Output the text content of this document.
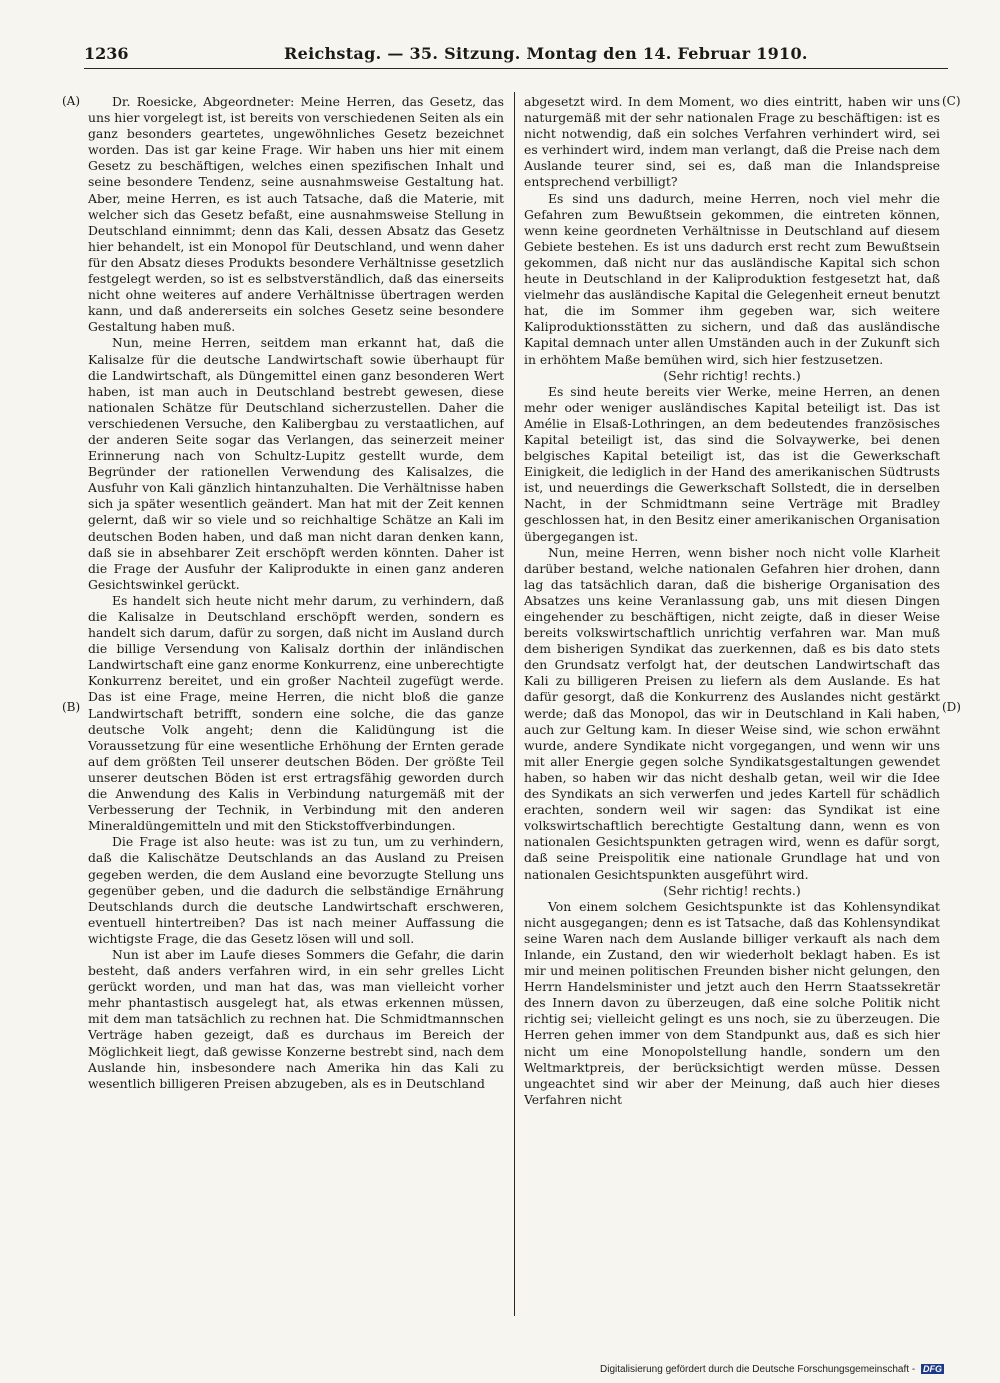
1236	Reichstag. — 35. Sitzung. Montag den 14. Februar 1910.
(A)
(B)
(C)
(D)

Dr. Roesicke, Abgeordneter: Meine Herren, das Gesetz, das uns hier vorgelegt ist, ist bereits von verschiedenen Seiten als ein ganz besonders geartetes, ungewöhnliches Gesetz bezeichnet worden. Das ist gar keine Frage. Wir haben uns hier mit einem Gesetz zu beschäftigen, welches einen spezifischen Inhalt und seine besondere Tendenz, seine ausnahmsweise Gestaltung hat. Aber, meine Herren, es ist auch Tatsache, daß die Materie, mit welcher sich das Gesetz befaßt, eine ausnahmsweise Stellung in Deutschland einnimmt; denn das Kali, dessen Absatz das Gesetz hier behandelt, ist ein Monopol für Deutschland, und wenn daher für den Absatz dieses Produkts besondere Verhältnisse gesetzlich festgelegt werden, so ist es selbstverständlich, daß das einerseits nicht ohne weiteres auf andere Verhältnisse übertragen werden kann, und daß andererseits ein solches Gesetz seine besondere Gestaltung haben muß.

Nun, meine Herren, seitdem man erkannt hat, daß die Kalisalze für die deutsche Landwirtschaft sowie überhaupt für die Landwirtschaft, als Düngemittel einen ganz besonderen Wert haben, ist man auch in Deutschland bestrebt gewesen, diese nationalen Schätze für Deutschland sicherzustellen. Daher die verschiedenen Versuche, den Kalibergbau zu verstaatlichen, auf der anderen Seite sogar das Verlangen, das seinerzeit meiner Erinnerung nach von Schultz-Lupitz gestellt wurde, dem Begründer der rationellen Verwendung des Kalisalzes, die Ausfuhr von Kali gänzlich hintanzuhalten. Die Verhältnisse haben sich ja später wesentlich geändert. Man hat mit der Zeit kennen gelernt, daß wir so viele und so reichhaltige Schätze an Kali im deutschen Boden haben, und daß man nicht daran denken kann, daß sie in absehbarer Zeit erschöpft werden könnten. Daher ist die Frage der Ausfuhr der Kaliprodukte in einen ganz anderen Gesichtswinkel gerückt.

Es handelt sich heute nicht mehr darum, zu verhindern, daß die Kalisalze in Deutschland erschöpft werden, sondern es handelt sich darum, dafür zu sorgen, daß nicht im Ausland durch die billige Versendung von Kalisalz dorthin der inländischen Landwirtschaft eine ganz enorme Konkurrenz, eine unberechtigte Konkurrenz bereitet, und ein großer Nachteil zugefügt werde. Das ist eine Frage, meine Herren, die nicht bloß die ganze Landwirtschaft betrifft, sondern eine solche, die das ganze deutsche Volk angeht; denn die Kalidüngung ist die Voraussetzung für eine wesentliche Erhöhung der Ernten gerade auf dem größten Teil unserer deutschen Böden. Der größte Teil unserer deutschen Böden ist erst ertragsfähig geworden durch die Anwendung des Kalis in Verbindung naturgemäß mit der Verbesserung der Technik, in Verbindung mit den anderen Mineraldüngemitteln und mit den Stickstoffverbindungen.

Die Frage ist also heute: was ist zu tun, um zu verhindern, daß die Kalischätze Deutschlands an das Ausland zu Preisen gegeben werden, die dem Ausland eine bevorzugte Stellung uns gegenüber geben, und die dadurch die selbständige Ernährung Deutschlands durch die deutsche Landwirtschaft erschweren, eventuell hintertreiben? Das ist nach meiner Auffassung die wichtigste Frage, die das Gesetz lösen will und soll.

Nun ist aber im Laufe dieses Sommers die Gefahr, die darin besteht, daß anders verfahren wird, in ein sehr grelles Licht gerückt worden, und man hat das, was man vielleicht vorher mehr phantastisch ausgelegt hat, als etwas erkennen müssen, mit dem man tatsächlich zu rechnen hat. Die Schmidtmannschen Verträge haben gezeigt, daß es durchaus im Bereich der Möglichkeit liegt, daß gewisse Konzerne bestrebt sind, nach dem Auslande hin, insbesondere nach Amerika hin das Kali zu wesentlich billigeren Preisen abzugeben, als es in Deutschland

abgesetzt wird. In dem Moment, wo dies eintritt, haben wir uns naturgemäß mit der sehr nationalen Frage zu beschäftigen: ist es nicht notwendig, daß ein solches Verfahren verhindert wird, sei es verhindert wird, indem man verlangt, daß die Preise nach dem Auslande teurer sind, sei es, daß man die Inlandspreise entsprechend verbilligt?

Es sind uns dadurch, meine Herren, noch viel mehr die Gefahren zum Bewußtsein gekommen, die eintreten können, wenn keine geordneten Verhältnisse in Deutschland auf diesem Gebiete bestehen. Es ist uns dadurch erst recht zum Bewußtsein gekommen, daß nicht nur das ausländische Kapital sich schon heute in Deutschland in der Kaliproduktion festgesetzt hat, daß vielmehr das ausländische Kapital die Gelegenheit erneut benutzt hat, die im Sommer ihm gegeben war, sich weitere Kaliproduktionsstätten zu sichern, und daß das ausländische Kapital demnach unter allen Umständen auch in der Zukunft sich in erhöhtem Maße bemühen wird, sich hier festzusetzen.

(Sehr richtig! rechts.)

Es sind heute bereits vier Werke, meine Herren, an denen mehr oder weniger ausländisches Kapital beteiligt ist. Das ist Amélie in Elsaß-Lothringen, an dem bedeutendes französisches Kapital beteiligt ist, das sind die Solvaywerke, bei denen belgisches Kapital beteiligt ist, das ist die Gewerkschaft Einigkeit, die lediglich in der Hand des amerikanischen Südtrusts ist, und neuerdings die Gewerkschaft Sollstedt, die in derselben Nacht, in der Schmidtmann seine Verträge mit Bradley geschlossen hat, in den Besitz einer amerikanischen Organisation übergegangen ist.

Nun, meine Herren, wenn bisher noch nicht volle Klarheit darüber bestand, welche nationalen Gefahren hier drohen, dann lag das tatsächlich daran, daß die bisherige Organisation des Absatzes uns keine Veranlassung gab, uns mit diesen Dingen eingehender zu beschäftigen, nicht zeigte, daß in dieser Weise bereits volkswirtschaftlich unrichtig verfahren war. Man muß dem bisherigen Syndikat das zuerkennen, daß es bis dato stets den Grundsatz verfolgt hat, der deutschen Landwirtschaft das Kali zu billigeren Preisen zu liefern als dem Auslande. Es hat dafür gesorgt, daß die Konkurrenz des Auslandes nicht gestärkt werde; daß das Monopol, das wir in Deutschland in Kali haben, auch zur Geltung kam. In dieser Weise sind, wie schon erwähnt wurde, andere Syndikate nicht vorgegangen, und wenn wir uns mit aller Energie gegen solche Syndikatsgestaltungen gewendet haben, so haben wir das nicht deshalb getan, weil wir die Idee des Syndikats an sich verwerfen und jedes Kartell für schädlich erachten, sondern weil wir sagen: das Syndikat ist eine volkswirtschaftlich berechtigte Gestaltung dann, wenn es von nationalen Gesichtspunkten getragen wird, wenn es dafür sorgt, daß seine Preispolitik eine nationale Grundlage hat und von nationalen Gesichtspunkten ausgeführt wird.

(Sehr richtig! rechts.)

Von einem solchem Gesichtspunkte ist das Kohlensyndikat nicht ausgegangen; denn es ist Tatsache, daß das Kohlensyndikat seine Waren nach dem Auslande billiger verkauft als nach dem Inlande, ein Zustand, den wir wiederholt beklagt haben. Es ist mir und meinen politischen Freunden bisher nicht gelungen, den Herrn Handelsminister und jetzt auch den Herrn Staatssekretär des Innern davon zu überzeugen, daß eine solche Politik nicht richtig sei; vielleicht gelingt es uns noch, sie zu überzeugen. Die Herren gehen immer von dem Standpunkt aus, daß es sich hier nicht um eine Monopolstellung handle, sondern um den Weltmarktpreis, der berücksichtigt werden müsse. Dessen ungeachtet sind wir aber der Meinung, daß auch hier dieses Verfahren nicht

Digitalisierung gefördert durch die Deutsche Forschungsgemeinschaft - DFG
